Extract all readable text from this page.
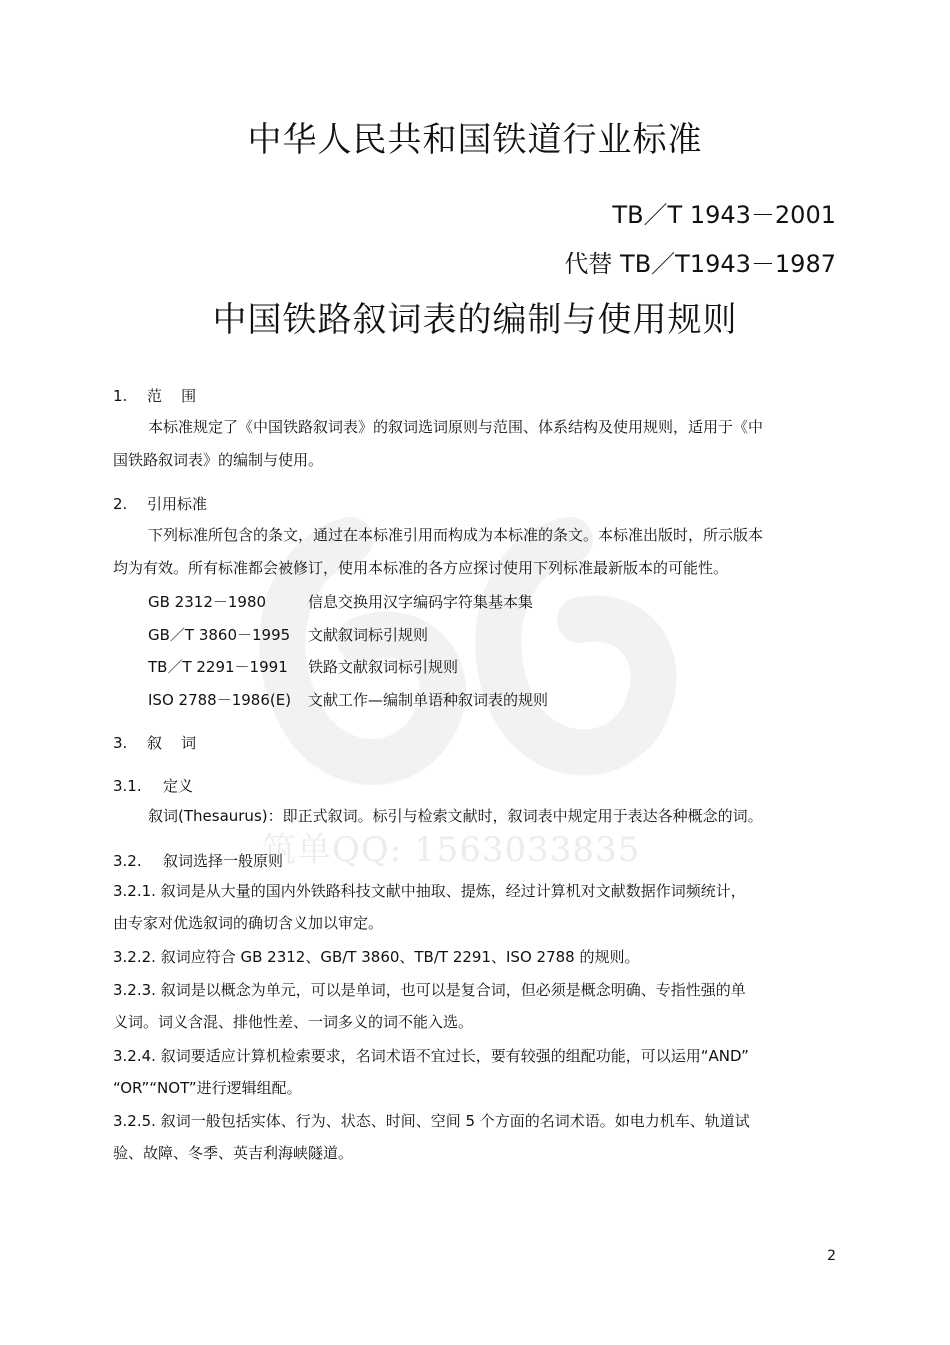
筑单QQ: 1563033835
中华人民共和国铁道行业标准
TB／T 1943－2001
代替 TB／T1943－1987
中国铁路叙词表的编制与使用规则
1. 范    围
本标准规定了《中国铁路叙词表》的叙词选词原则与范围、体系结构及使用规则，适用于《中
国铁路叙词表》的编制与使用。
2. 引用标准
下列标准所包含的条文，通过在本标准引用而构成为本标准的条文。本标准出版时，所示版本
均为有效。所有标准都会被修订，使用本标准的各方应探讨使用下列标准最新版本的可能性。
GB 2312－1980	信息交换用汉字编码字符集基本集
GB／T 3860－1995 文献叙词标引规则
TB／T 2291－1991 铁路文献叙词标引规则
ISO 2788－1986(E) 文献工作—编制单语种叙词表的规则
3. 叙    词
3.1. 定义
叙词(Thesaurus)：即正式叙词。标引与检索文献时，叙词表中规定用于表达各种概念的词。
3.2. 叙词选择一般原则
3.2.1. 叙词是从大量的国内外铁路科技文献中抽取、提炼，经过计算机对文献数据作词频统计，
由专家对优选叙词的确切含义加以审定。
3.2.2. 叙词应符合 GB 2312、GB/T 3860、TB/T 2291、ISO 2788 的规则。
3.2.3. 叙词是以概念为单元，可以是单词，也可以是复合词，但必须是概念明确、专指性强的单
义词。词义含混、排他性差、一词多义的词不能入选。
3.2.4. 叙词要适应计算机检索要求，名词术语不宜过长，要有较强的组配功能，可以运用“AND”
“OR”“NOT”进行逻辑组配。
3.2.5. 叙词一般包括实体、行为、状态、时间、空间 5 个方面的名词术语。如电力机车、轨道试
验、故障、冬季、英吉利海峡隧道。
2
